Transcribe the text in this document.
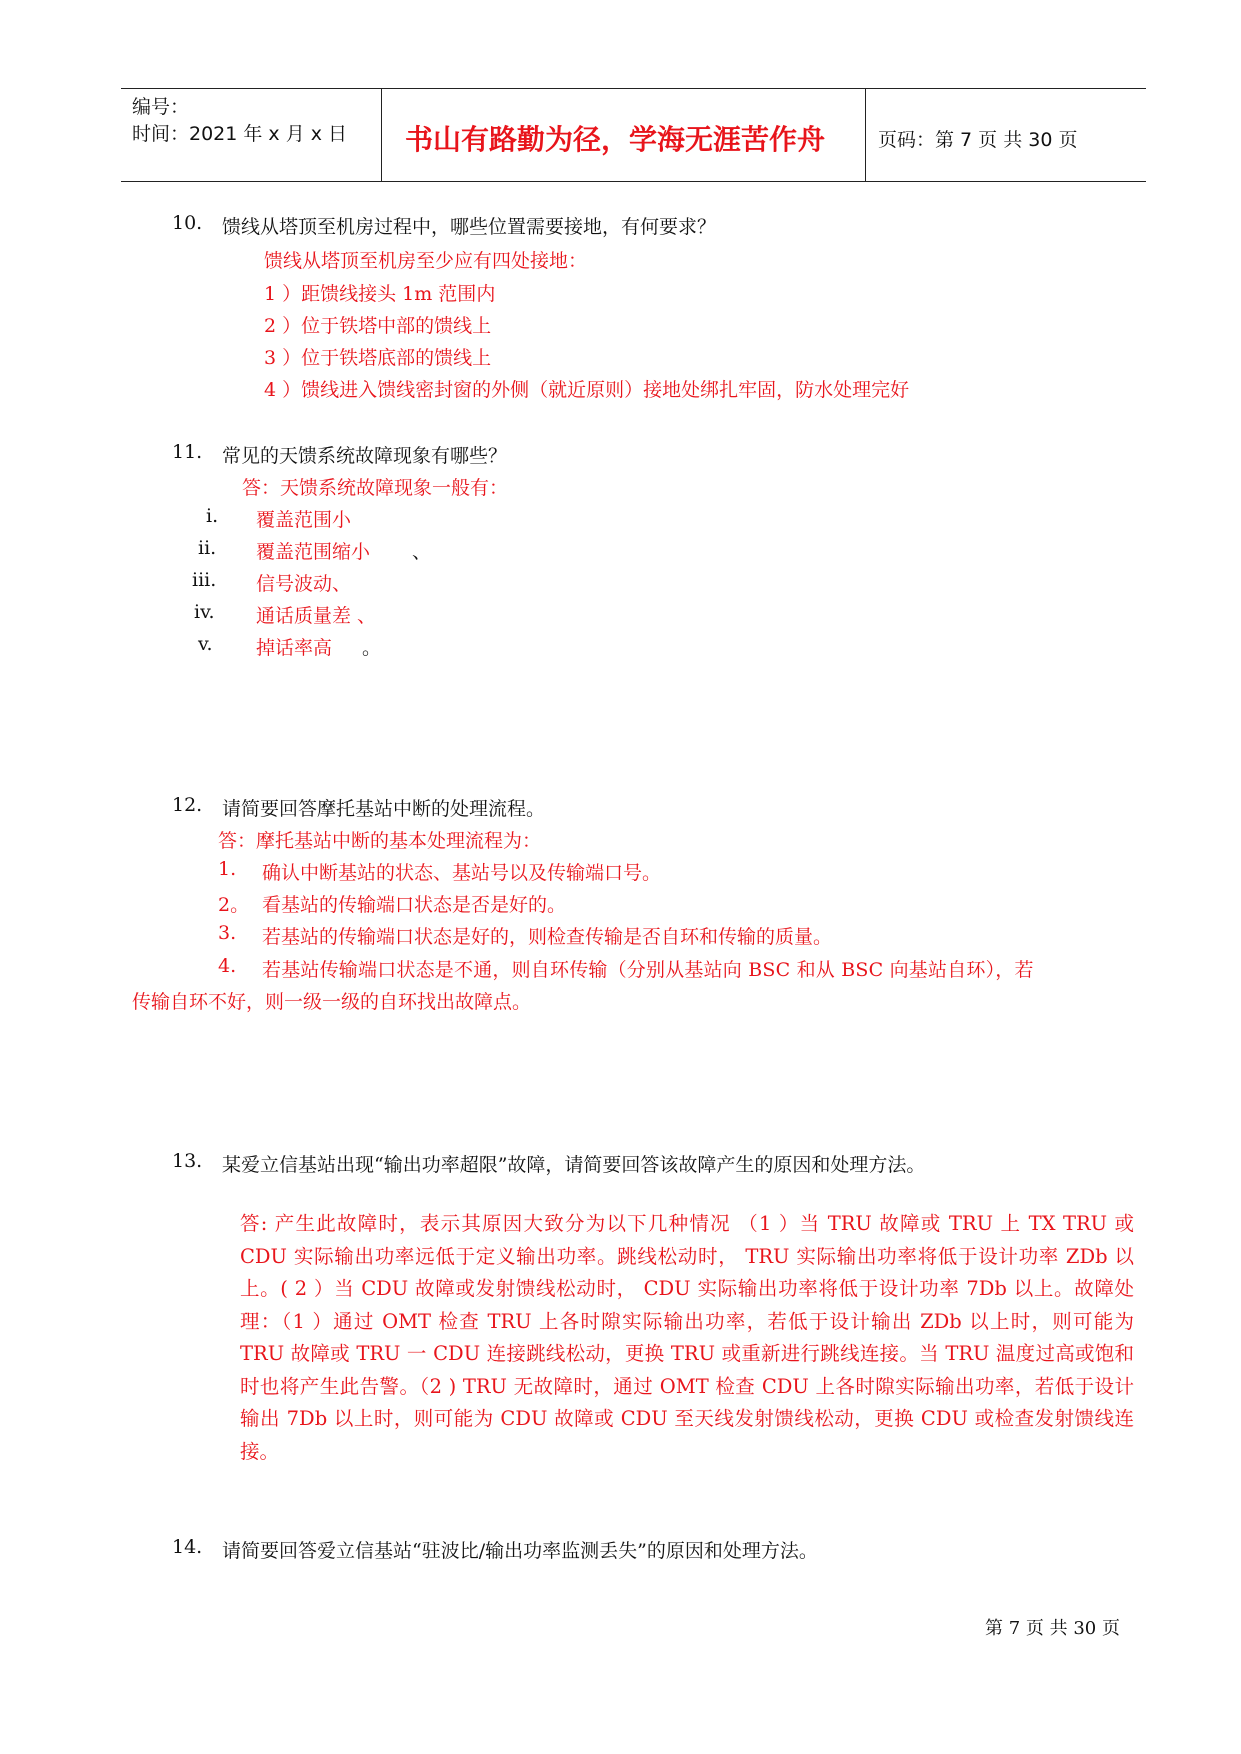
编号：
时间：2021 年 x 月 x 日 书山有路勤为径，学海无涯苦作舟	页码：第 7 页 共 30 页
10. 馈线从塔顶至机房过程中，哪些位置需要接地，有何要求？
馈线从塔顶至机房至少应有四处接地：
1 ）距馈线接头 1m 范围内
2 ）位于铁塔中部的馈线上
3 ）位于铁塔底部的馈线上
4 ）馈线进入馈线密封窗的外侧（就近原则）接地处绑扎牢固，防水处理完好
11. 常见的天馈系统故障现象有哪些？
答：天馈系统故障现象一般有：
i. 覆盖范围小
ii. 覆盖范围缩小 、
iii. 信号波动、
iv. 通话质量差 、
v. 掉话率高 。
12. 请简要回答摩托基站中断的处理流程。
答：摩托基站中断的基本处理流程为：
1. 确认中断基站的状态、基站号以及传输端口号。
2。 看基站的传输端口状态是否是好的。
3. 若基站的传输端口状态是好的，则检查传输是否自环和传输的质量。
4. 若基站传输端口状态是不通，则自环传输（分别从基站向 BSC 和从 BSC 向基站自环），若
传输自环不好，则一级一级的自环找出故障点。
13. 某爱立信基站出现“输出功率超限”故障，请简要回答该故障产生的原因和处理方法。
答: 产生此故障时，表示其原因大致分为以下几种情况 （1 ）当 TRU 故障或 TRU 上 TX TRU 或 CDU 实际输出功率远低于定义输出功率。跳线松动时， TRU 实际输出功率将低于设计功率 ZDb 以上。( 2 ）当 CDU 故障或发射馈线松动时， CDU 实际输出功率将低于设计功率 7Db 以上。故障处理：（1 ）通过 OMT 检查 TRU 上各时隙实际输出功率，若低于设计输出 ZDb 以上时，则可能为 TRU 故障或 TRU 一 CDU 连接跳线松动，更换 TRU 或重新进行跳线连接。当 TRU 温度过高或饱和时也将产生此告警。（2 ) TRU 无故障时，通过 OMT 检查 CDU 上各时隙实际输出功率，若低于设计输出 7Db 以上时，则可能为 CDU 故障或 CDU 至天线发射馈线松动，更换 CDU 或检查发射馈线连接。
14. 请简要回答爱立信基站“驻波比/输出功率监测丢失”的原因和处理方法。
第 7 页 共 30 页
